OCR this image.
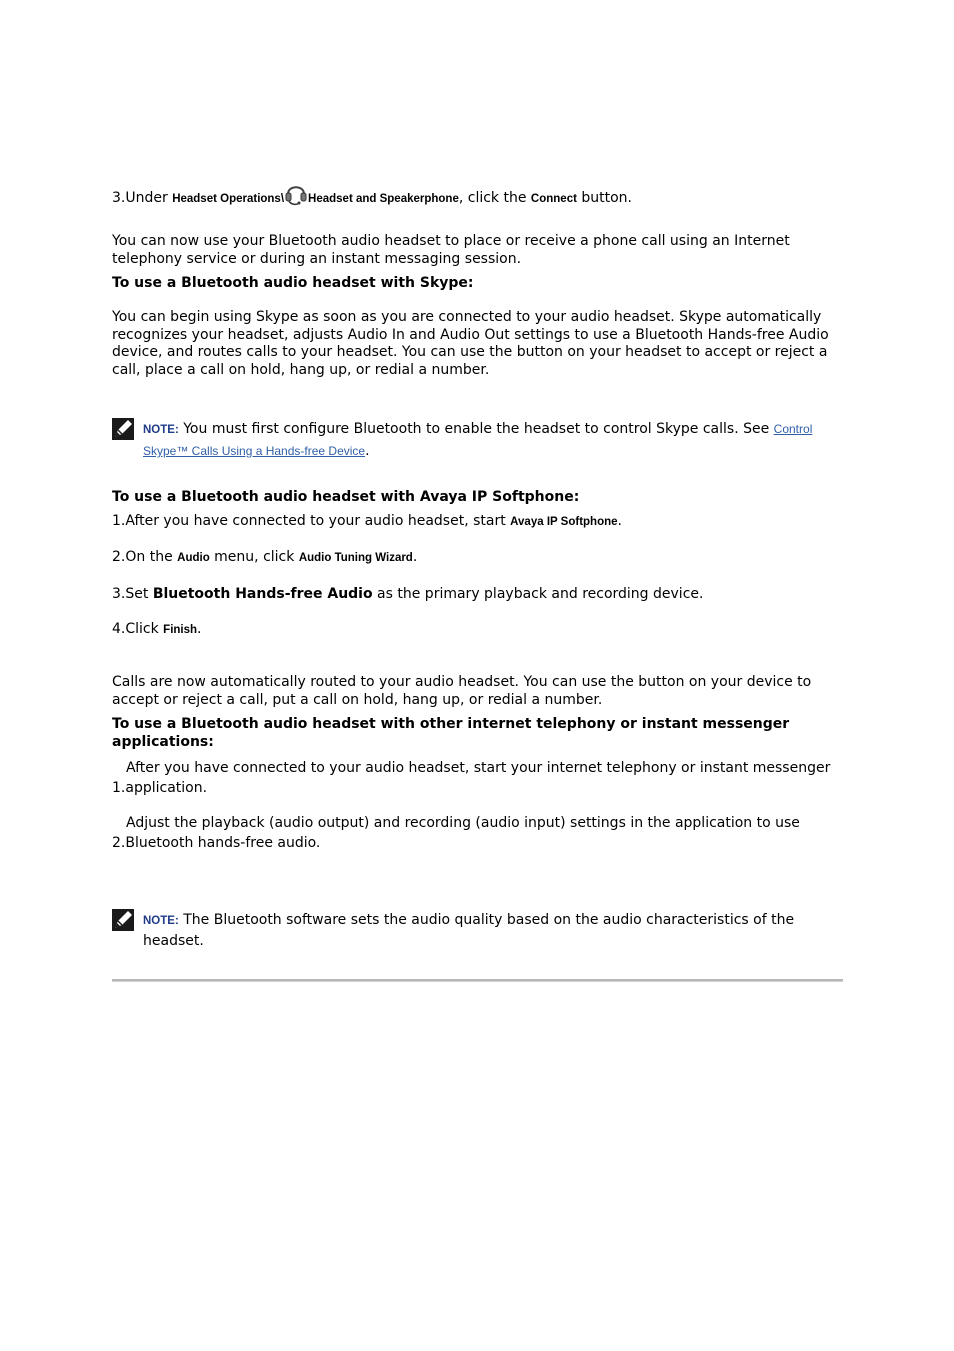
3.Under Headset Operations\ Headset and Speakerphone, click the Connect button.
You can now use your Bluetooth audio headset to place or receive a phone call using an Internet telephony service or during an instant messaging session.
To use a Bluetooth audio headset with Skype:
You can begin using Skype as soon as you are connected to your audio headset. Skype automatically recognizes your headset, adjusts Audio In and Audio Out settings to use a Bluetooth Hands-free Audio device, and routes calls to your headset. You can use the button on your headset to accept or reject a call, place a call on hold, hang up, or redial a number.
NOTE: You must first configure Bluetooth to enable the headset to control Skype calls. See Control
Skype™ Calls Using a Hands-free Device.
To use a Bluetooth audio headset with Avaya IP Softphone:
1.After you have connected to your audio headset, start Avaya IP Softphone.
2.On the Audio menu, click Audio Tuning Wizard.
3.Set Bluetooth Hands-free Audio as the primary playback and recording device.
4.Click Finish.
Calls are now automatically routed to your audio headset. You can use the button on your device to accept or reject a call, put a call on hold, hang up, or redial a number.
To use a Bluetooth audio headset with other internet telephony or instant messenger applications:
After you have connected to your audio headset, start your internet telephony or instant messenger
1.application.
Adjust the playback (audio output) and recording (audio input) settings in the application to use
2.Bluetooth hands-free audio.
NOTE: The Bluetooth software sets the audio quality based on the audio characteristics of the
headset.
